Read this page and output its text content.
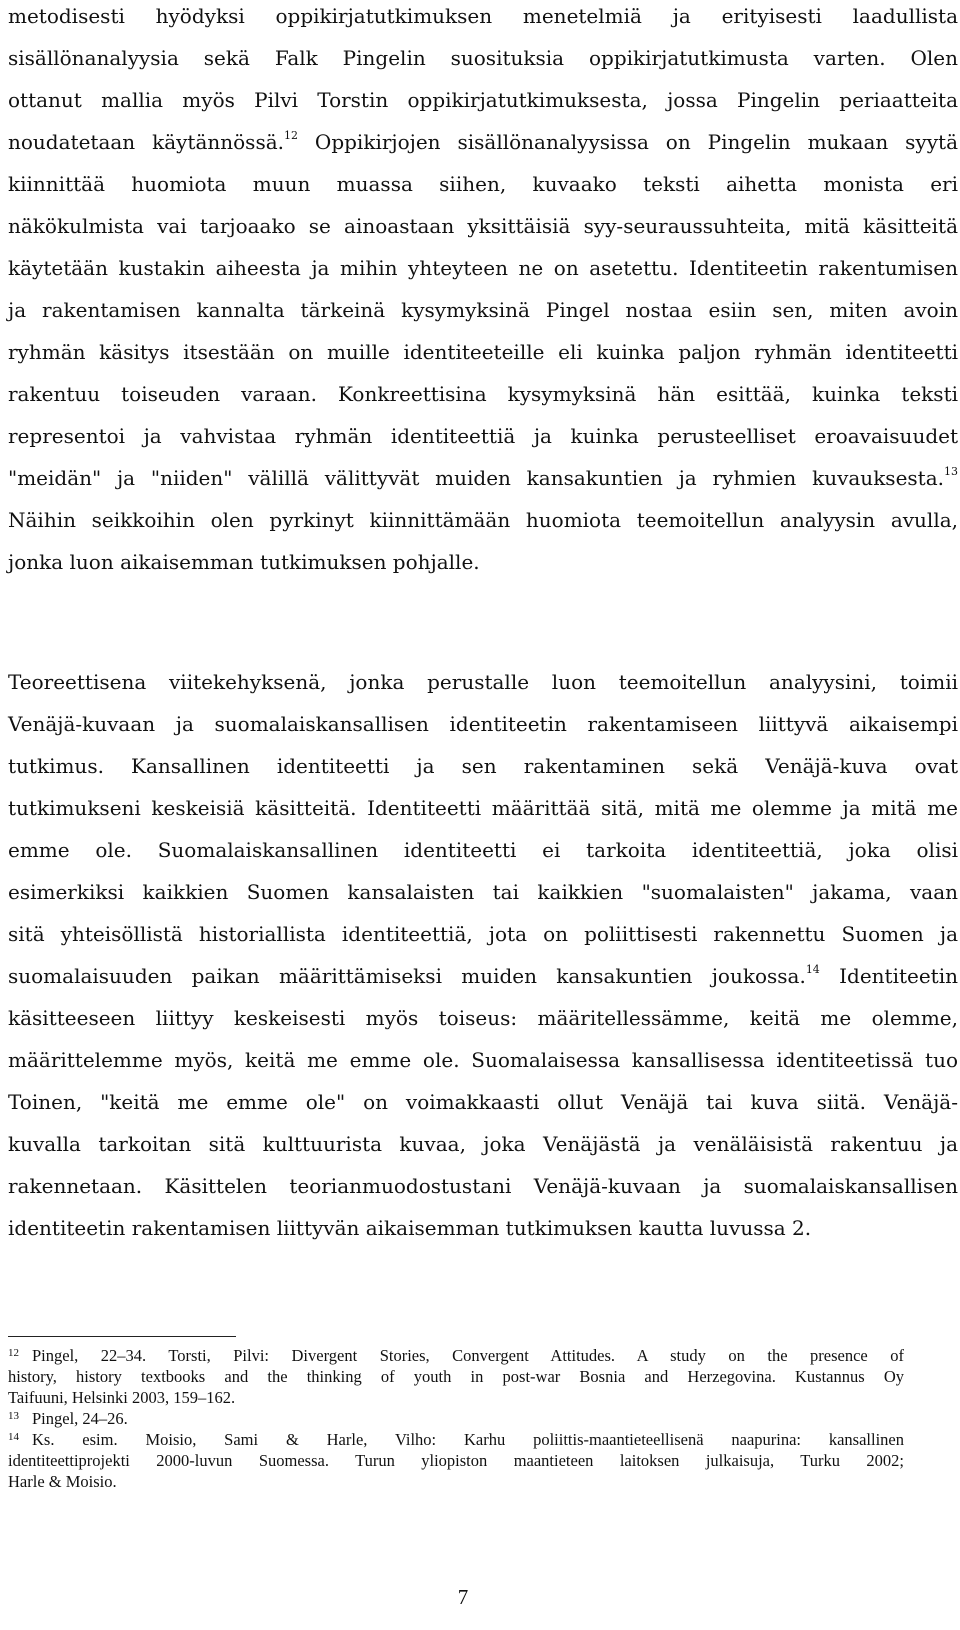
metodisesti hyödyksi oppikirjatutkimuksen menetelmiä ja erityisesti laadullista
sisällönanalyysia sekä Falk Pingelin suosituksia oppikirjatutkimusta varten. Olen
ottanut mallia myös Pilvi Torstin oppikirjatutkimuksesta, jossa Pingelin periaatteita
noudatetaan käytännössä.$^{12}$ Oppikirjojen sisällönanalyysissa on Pingelin mukaan syytä
kiinnittää huomiota muun muassa siihen, kuvaako teksti aihetta monista eri
näkökulmista vai tarjoaako se ainoastaan yksittäisiä syy-seuraussuhteita, mitä käsitteitä
käytetään kustakin aiheesta ja mihin yhteyteen ne on asetettu. Identiteetin rakentumisen
ja rakentamisen kannalta tärkeinä kysymyksinä Pingel nostaa esiin sen, miten avoin
ryhmän käsitys itsestään on muille identiteeteille eli kuinka paljon ryhmän identiteetti
rakentuu toiseuden varaan. Konkreettisina kysymyksinä hän esittää, kuinka teksti
representoi ja vahvistaa ryhmän identiteettiä ja kuinka perusteelliset eroavaisuudet
"meidän" ja "niiden" välillä välittyvät muiden kansakuntien ja ryhmien kuvauksesta.$^{13}$
Näihin seikkoihin olen pyrkinyt kiinnittämään huomiota teemoitellun analyysin avulla,
jonka luon aikaisemman tutkimuksen pohjalle.
Teoreettisena viitekehyksenä, jonka perustalle luon teemoitellun analyysini, toimii
Venäjä-kuvaan ja suomalaiskansallisen identiteetin rakentamiseen liittyvä aikaisempi
tutkimus. Kansallinen identiteetti ja sen rakentaminen sekä Venäjä-kuva ovat
tutkimukseni keskeisiä käsitteitä. Identiteetti määrittää sitä, mitä me olemme ja mitä me
emme ole. Suomalaiskansallinen identiteetti ei tarkoita identiteettiä, joka olisi
esimerkiksi kaikkien Suomen kansalaisten tai kaikkien "suomalaisten" jakama, vaan
sitä yhteisöllistä historiallista identiteettiä, jota on poliittisesti rakennettu Suomen ja
suomalaisuuden paikan määrittämiseksi muiden kansakuntien joukossa.$^{14}$ Identiteetin
käsitteeseen liittyy keskeisesti myös toiseus: määritellessämme, keitä me olemme,
määrittelemme myös, keitä me emme ole. Suomalaisessa kansallisessa identiteetissä tuo
Toinen, "keitä me emme ole" on voimakkaasti ollut Venäjä tai kuva siitä. Venäjä-
kuvalla tarkoitan sitä kulttuurista kuvaa, joka Venäjästä ja venäläisistä rakentuu ja
rakennetaan. Käsittelen teorianmuodostustani Venäjä-kuvaan ja suomalaiskansallisen
identiteetin rakentamisen liittyvän aikaisemman tutkimuksen kautta luvussa 2.
12 Pingel, 22–34. Torsti, Pilvi: Divergent Stories, Convergent Attitudes. A study on the presence of
history, history textbooks and the thinking of youth in post-war Bosnia and Herzegovina. Kustannus Oy
Taifuuni, Helsinki 2003, 159–162.
13 Pingel, 24–26.
14 Ks. esim. Moisio, Sami & Harle, Vilho: Karhu poliittis-maantieteellisenä naapurina: kansallinen
identiteettiprojekti 2000-luvun Suomessa. Turun yliopiston maantieteen laitoksen julkaisuja, Turku 2002;
Harle & Moisio.
7
